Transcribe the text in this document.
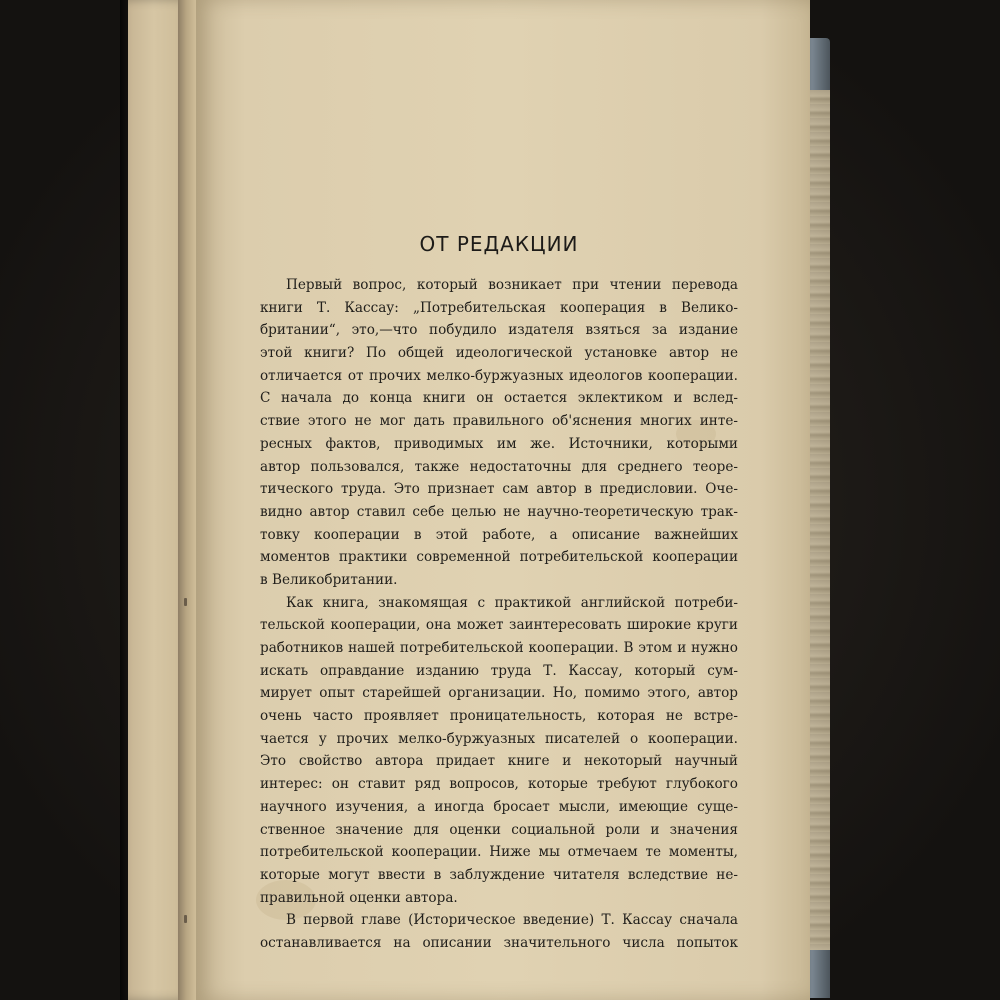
ОТ РЕДАКЦИИ
Первый вопрос, который возникает при чтении перевода
книги Т. Кассау: „Потребительская кооперация в Велико-
британии“, это,—что побудило издателя взяться за издание
этой книги? По общей идеологической установке автор не
отличается от прочих мелко-буржуазных идеологов кооперации.
С начала до конца книги он остается эклектиком и вслед-
ствие этого не мог дать правильного об'яснения многих инте-
ресных фактов, приводимых им же. Источники, которыми
автор пользовался, также недостаточны для среднего теоре-
тического труда. Это признает сам автор в предисловии. Оче-
видно автор ставил себе целью не научно-теоретическую трак-
товку кооперации в этой работе, а описание важнейших
моментов практики современной потребительской кооперации
в Великобритании.
Как книга, знакомящая с практикой английской потреби-
тельской кооперации, она может заинтересовать широкие круги
работников нашей потребительской кооперации. В этом и нужно
искать оправдание изданию труда Т. Кассау, который сум-
мирует опыт старейшей организации. Но, помимо этого, автор
очень часто проявляет проницательность, которая не встре-
чается у прочих мелко-буржуазных писателей о кооперации.
Это свойство автора придает книге и некоторый научный
интерес: он ставит ряд вопросов, которые требуют глубокого
научного изучения, а иногда бросает мысли, имеющие суще-
ственное значение для оценки социальной роли и значения
потребительской кооперации. Ниже мы отмечаем те моменты,
которые могут ввести в заблуждение читателя вследствие не-
правильной оценки автора.
В первой главе (Историческое введение) Т. Кассау сначала
останавливается на описании значительного числа попыток
